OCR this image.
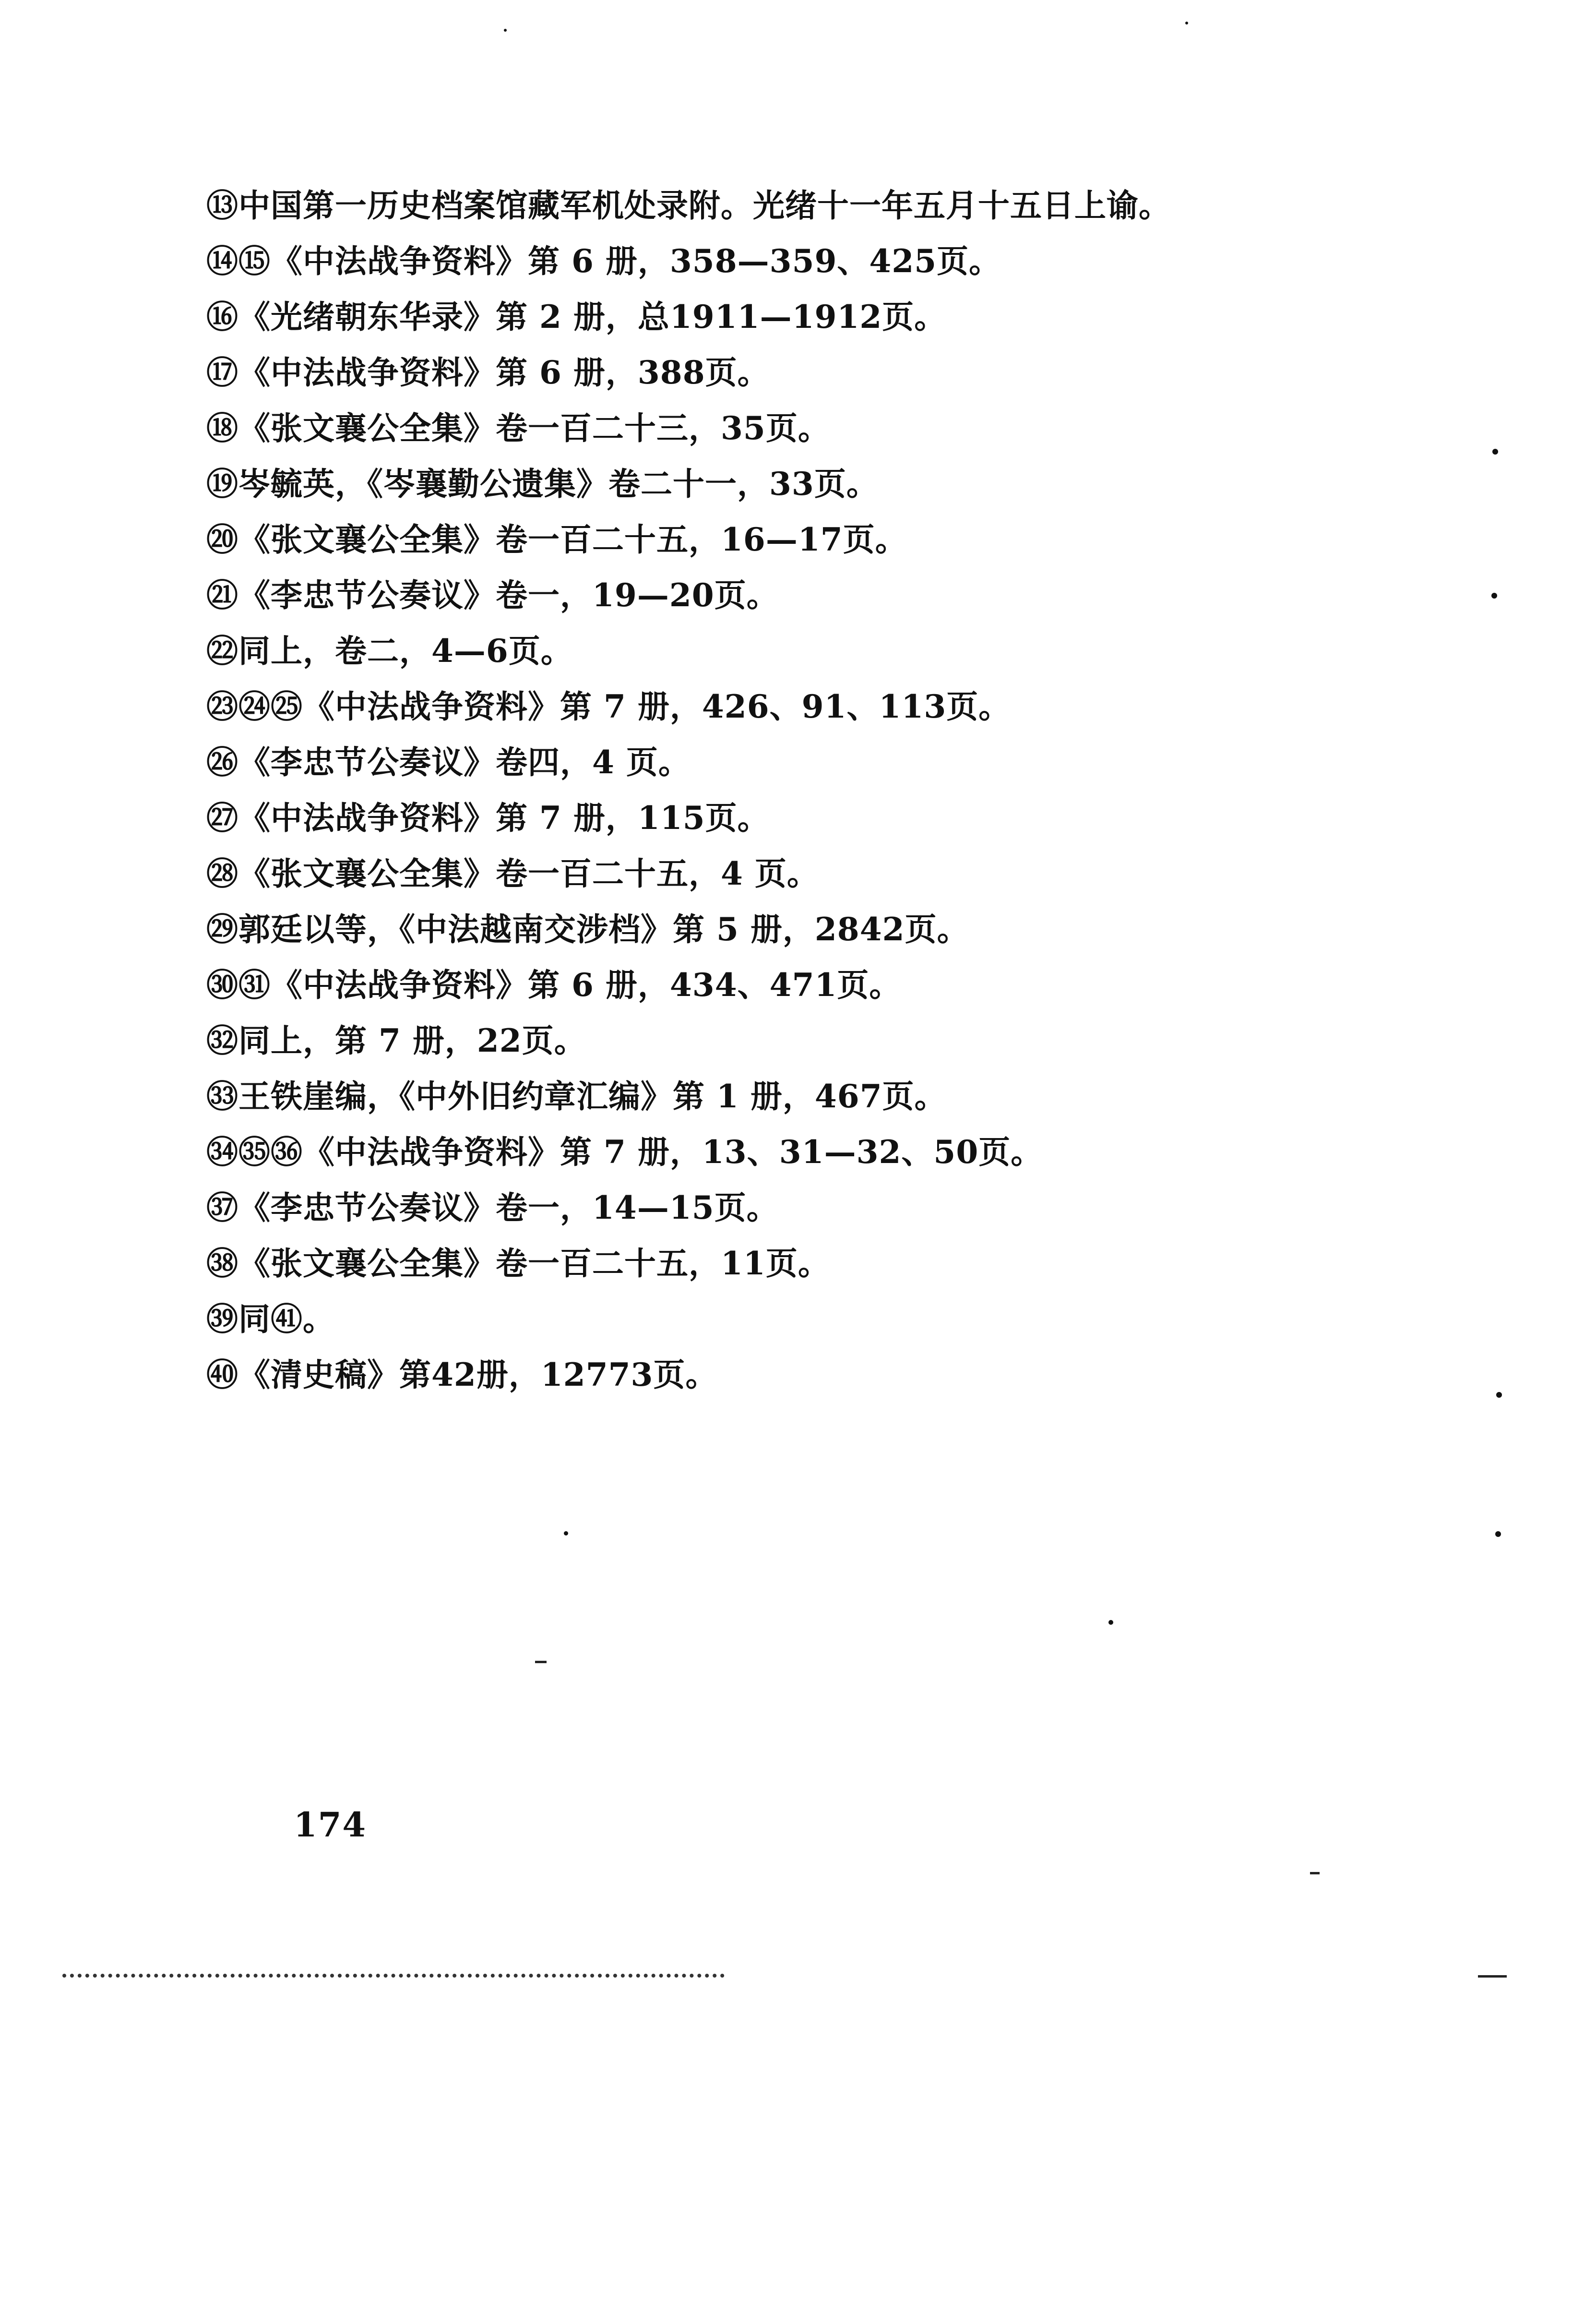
⑬中国第一历史档案馆藏军机处录附。光绪十一年五月十五日上谕。
⑭⑮《中法战争资料》第 6 册，358—359、425页。
⑯《光绪朝东华录》第 2 册，总1911—1912页。
⑰《中法战争资料》第 6 册，388页。
⑱《张文襄公全集》卷一百二十三，35页。
⑲岑毓英，《岑襄勤公遗集》卷二十一，33页。
⑳《张文襄公全集》卷一百二十五，16—17页。
㉑《李忠节公奏议》卷一，19—20页。
㉒同上，卷二，4—6页。
㉓㉔㉕《中法战争资料》第 7 册，426、91、113页。
㉖《李忠节公奏议》卷四，4 页。
㉗《中法战争资料》第 7 册，115页。
㉘《张文襄公全集》卷一百二十五，4 页。
㉙郭廷以等，《中法越南交涉档》第 5 册，2842页。
㉚㉛《中法战争资料》第 6 册，434、471页。
㉜同上，第 7 册，22页。
㉝王铁崖编，《中外旧约章汇编》第 1 册，467页。
㉞㉟㊱《中法战争资料》第 7 册，13、31—32、50页。
㊲《李忠节公奏议》卷一，14—15页。
㊳《张文襄公全集》卷一百二十五，11页。
㊴同㊶。
㊵《清史稿》第42册，12773页。
174
